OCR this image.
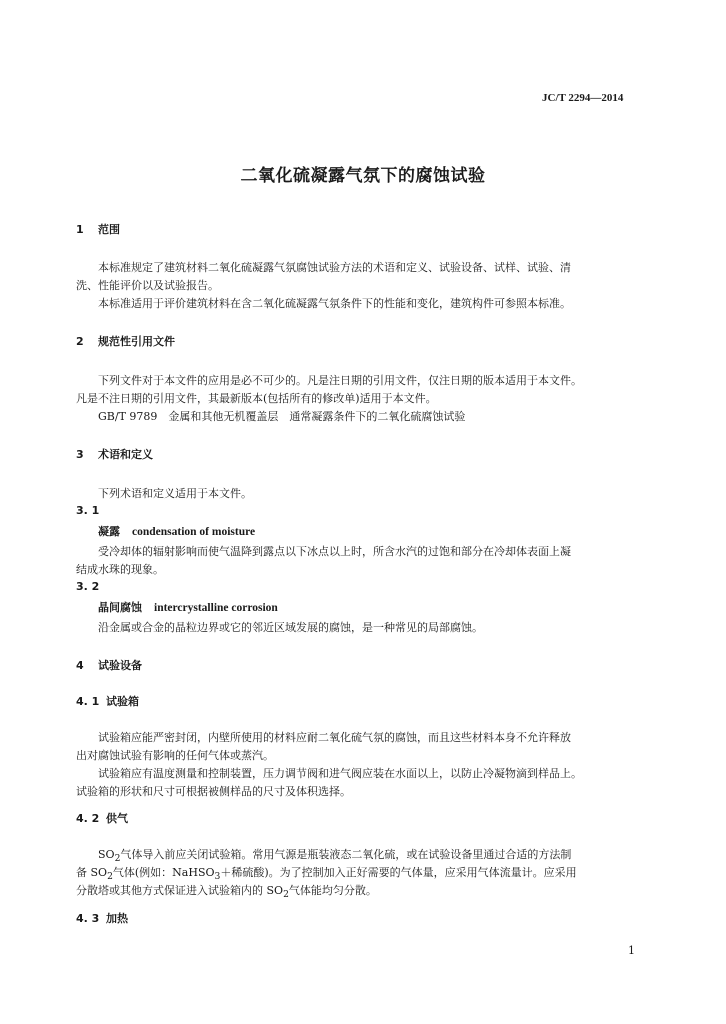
JC/T 2294—2014
二氧化硫凝露气氛下的腐蚀试验
1 范围
本标准规定了建筑材料二氧化硫凝露气氛腐蚀试验方法的术语和定义、试验设备、试样、试验、清
洗、性能评价以及试验报告。
本标准适用于评价建筑材料在含二氧化硫凝露气氛条件下的性能和变化，建筑构件可参照本标准。
2 规范性引用文件
下列文件对于本文件的应用是必不可少的。凡是注日期的引用文件，仅注日期的版本适用于本文件。
凡是不注日期的引用文件，其最新版本(包括所有的修改单)适用于本文件。
GB/T 9789　金属和其他无机覆盖层　通常凝露条件下的二氧化硫腐蚀试验
3 术语和定义
下列术语和定义适用于本文件。
3. 1
凝露 condensation of moisture
受冷却体的辐射影响而使气温降到露点以下冰点以上时，所含水汽的过饱和部分在冷却体表面上凝
结成水珠的现象。
3. 2
晶间腐蚀 intercrystalline corrosion
沿金属或合金的晶粒边界或它的邻近区域发展的腐蚀，是一种常见的局部腐蚀。
4 试验设备
4. 1 试验箱
试验箱应能严密封闭，内壁所使用的材料应耐二氧化硫气氛的腐蚀，而且这些材料本身不允许释放
出对腐蚀试验有影响的任何气体或蒸汽。
试验箱应有温度测量和控制装置，压力调节阀和进气阀应装在水面以上，以防止冷凝物滴到样品上。
试验箱的形状和尺寸可根据被侧样品的尺寸及体积选择。
4. 2 供气
$SO_2$气体导入前应关闭试验箱。常用气源是瓶装液态二氧化硫，或在试验设备里通过合适的方法制
备 $SO_2$气体(例如：NaHSO$_3$＋稀硫酸)。为了控制加入正好需要的气体量，应采用气体流量计。应采用
分散塔或其他方式保证进入试验箱内的 $SO_2$气体能均匀分散。
4. 3 加热
1
